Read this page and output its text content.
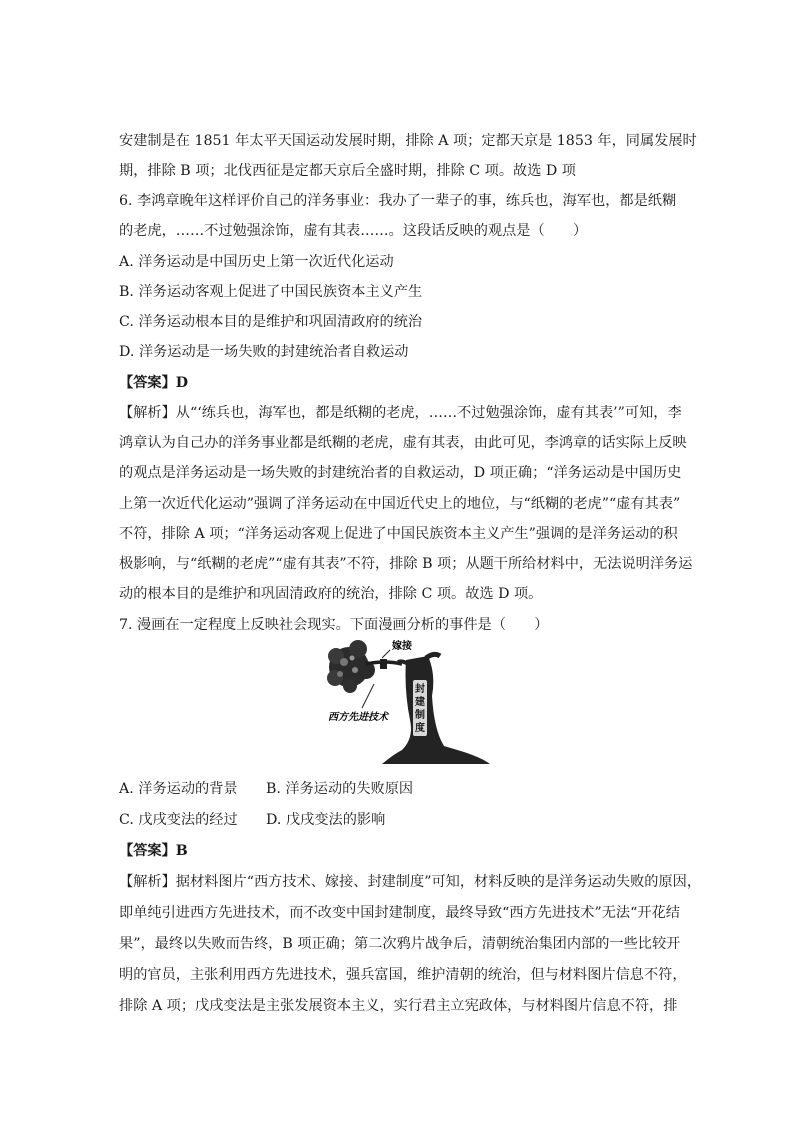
安建制是在 1851 年太平天国运动发展时期，排除 A 项；定都天京是 1853 年，同属发展时
期，排除 B 项；北伐西征是定都天京后全盛时期，排除 C 项。故选 D 项
6. 李鸿章晚年这样评价自己的洋务事业：我办了一辈子的事，练兵也，海军也，都是纸糊
的老虎，……不过勉强涂饰，虚有其表……。这段话反映的观点是（　　）
A. 洋务运动是中国历史上第一次近代化运动
B. 洋务运动客观上促进了中国民族资本主义产生
C. 洋务运动根本目的是维护和巩固清政府的统治
D. 洋务运动是一场失败的封建统治者自救运动
【答案】D
【解析】从“‘练兵也，海军也，都是纸糊的老虎，……不过勉强涂饰，虚有其表’”可知，李
鸿章认为自己办的洋务事业都是纸糊的老虎，虚有其表，由此可见，李鸿章的话实际上反映
的观点是洋务运动是一场失败的封建统治者的自救运动，D 项正确；“洋务运动是中国历史
上第一次近代化运动”强调了洋务运动在中国近代史上的地位，与“纸糊的老虎”“虚有其表”
不符，排除 A 项；“洋务运动客观上促进了中国民族资本主义产生”强调的是洋务运动的积
极影响，与“纸糊的老虎”“虚有其表”不符，排除 B 项；从题干所给材料中，无法说明洋务运
动的根本目的是维护和巩固清政府的统治，排除 C 项。故选 D 项。
7. 漫画在一定程度上反映社会现实。下面漫画分析的事件是（　　）
嫁接
西方先进技术
封
建
制
度
A. 洋务运动的背景　　B. 洋务运动的失败原因
C. 戊戌变法的经过　　D. 戊戌变法的影响
【答案】B
【解析】据材料图片“西方技术、嫁接、封建制度”可知，材料反映的是洋务运动失败的原因，
即单纯引进西方先进技术，而不改变中国封建制度，最终导致“西方先进技术”无法“开花结
果”，最终以失败而告终，B 项正确；第二次鸦片战争后，清朝统治集团内部的一些比较开
明的官员，主张利用西方先进技术，强兵富国，维护清朝的统治，但与材料图片信息不符，
排除 A 项；戊戌变法是主张发展资本主义，实行君主立宪政体，与材料图片信息不符，排
